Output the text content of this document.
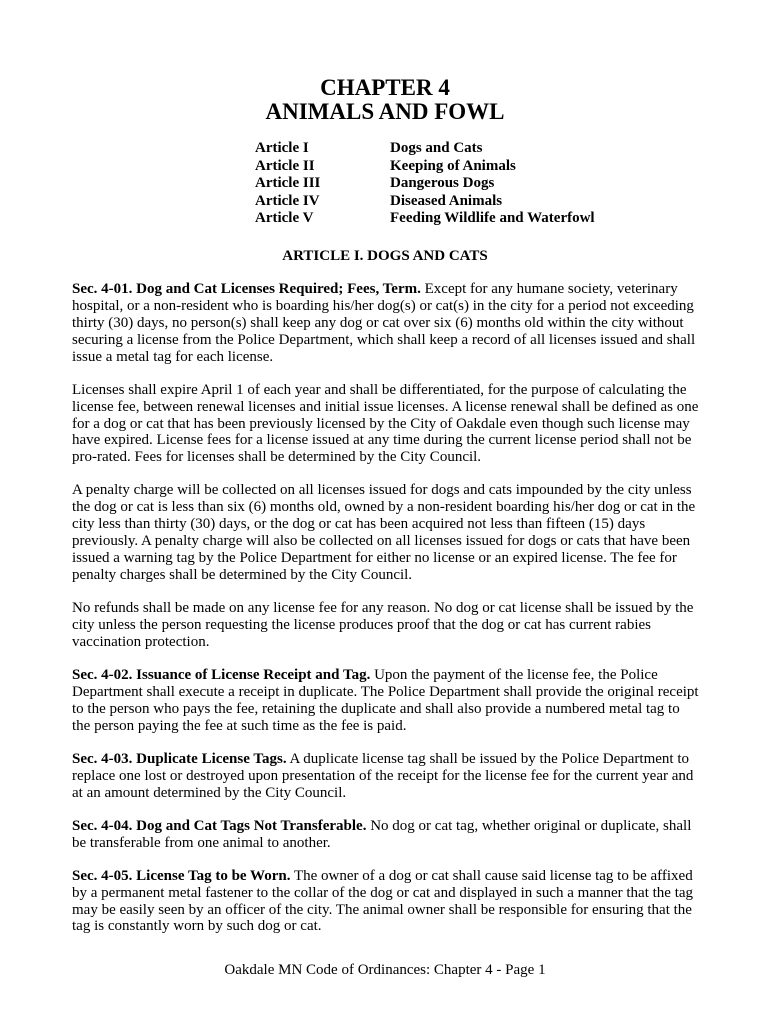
CHAPTER 4
ANIMALS AND FOWL
Article I	Dogs and Cats
Article II	Keeping of Animals
Article III	Dangerous Dogs
Article IV	Diseased Animals
Article V	Feeding Wildlife and Waterfowl
ARTICLE I. DOGS AND CATS

Sec. 4-01. Dog and Cat Licenses Required; Fees, Term. Except for any humane society, veterinary hospital, or a non-resident who is boarding his/her dog(s) or cat(s) in the city for a period not exceeding thirty (30) days, no person(s) shall keep any dog or cat over six (6) months old within the city without securing a license from the Police Department, which shall keep a record of all licenses issued and shall issue a metal tag for each license.

Licenses shall expire April 1 of each year and shall be differentiated, for the purpose of calculating the license fee, between renewal licenses and initial issue licenses. A license renewal shall be defined as one for a dog or cat that has been previously licensed by the City of Oakdale even though such license may have expired. License fees for a license issued at any time during the current license period shall not be pro-rated. Fees for licenses shall be determined by the City Council.

A penalty charge will be collected on all licenses issued for dogs and cats impounded by the city unless the dog or cat is less than six (6) months old, owned by a non-resident boarding his/her dog or cat in the city less than thirty (30) days, or the dog or cat has been acquired not less than fifteen (15) days previously. A penalty charge will also be collected on all licenses issued for dogs or cats that have been issued a warning tag by the Police Department for either no license or an expired license. The fee for penalty charges shall be determined by the City Council.

No refunds shall be made on any license fee for any reason. No dog or cat license shall be issued by the city unless the person requesting the license produces proof that the dog or cat has current rabies vaccination protection.

Sec. 4-02. Issuance of License Receipt and Tag. Upon the payment of the license fee, the Police Department shall execute a receipt in duplicate. The Police Department shall provide the original receipt to the person who pays the fee, retaining the duplicate and shall also provide a numbered metal tag to the person paying the fee at such time as the fee is paid.

Sec. 4-03. Duplicate License Tags. A duplicate license tag shall be issued by the Police Department to replace one lost or destroyed upon presentation of the receipt for the license fee for the current year and at an amount determined by the City Council.

Sec. 4-04. Dog and Cat Tags Not Transferable. No dog or cat tag, whether original or duplicate, shall be transferable from one animal to another.

Sec. 4-05. License Tag to be Worn. The owner of a dog or cat shall cause said license tag to be affixed by a permanent metal fastener to the collar of the dog or cat and displayed in such a manner that the tag may be easily seen by an officer of the city. The animal owner shall be responsible for ensuring that the tag is constantly worn by such dog or cat.

Oakdale MN Code of Ordinances: Chapter 4 - Page 1
